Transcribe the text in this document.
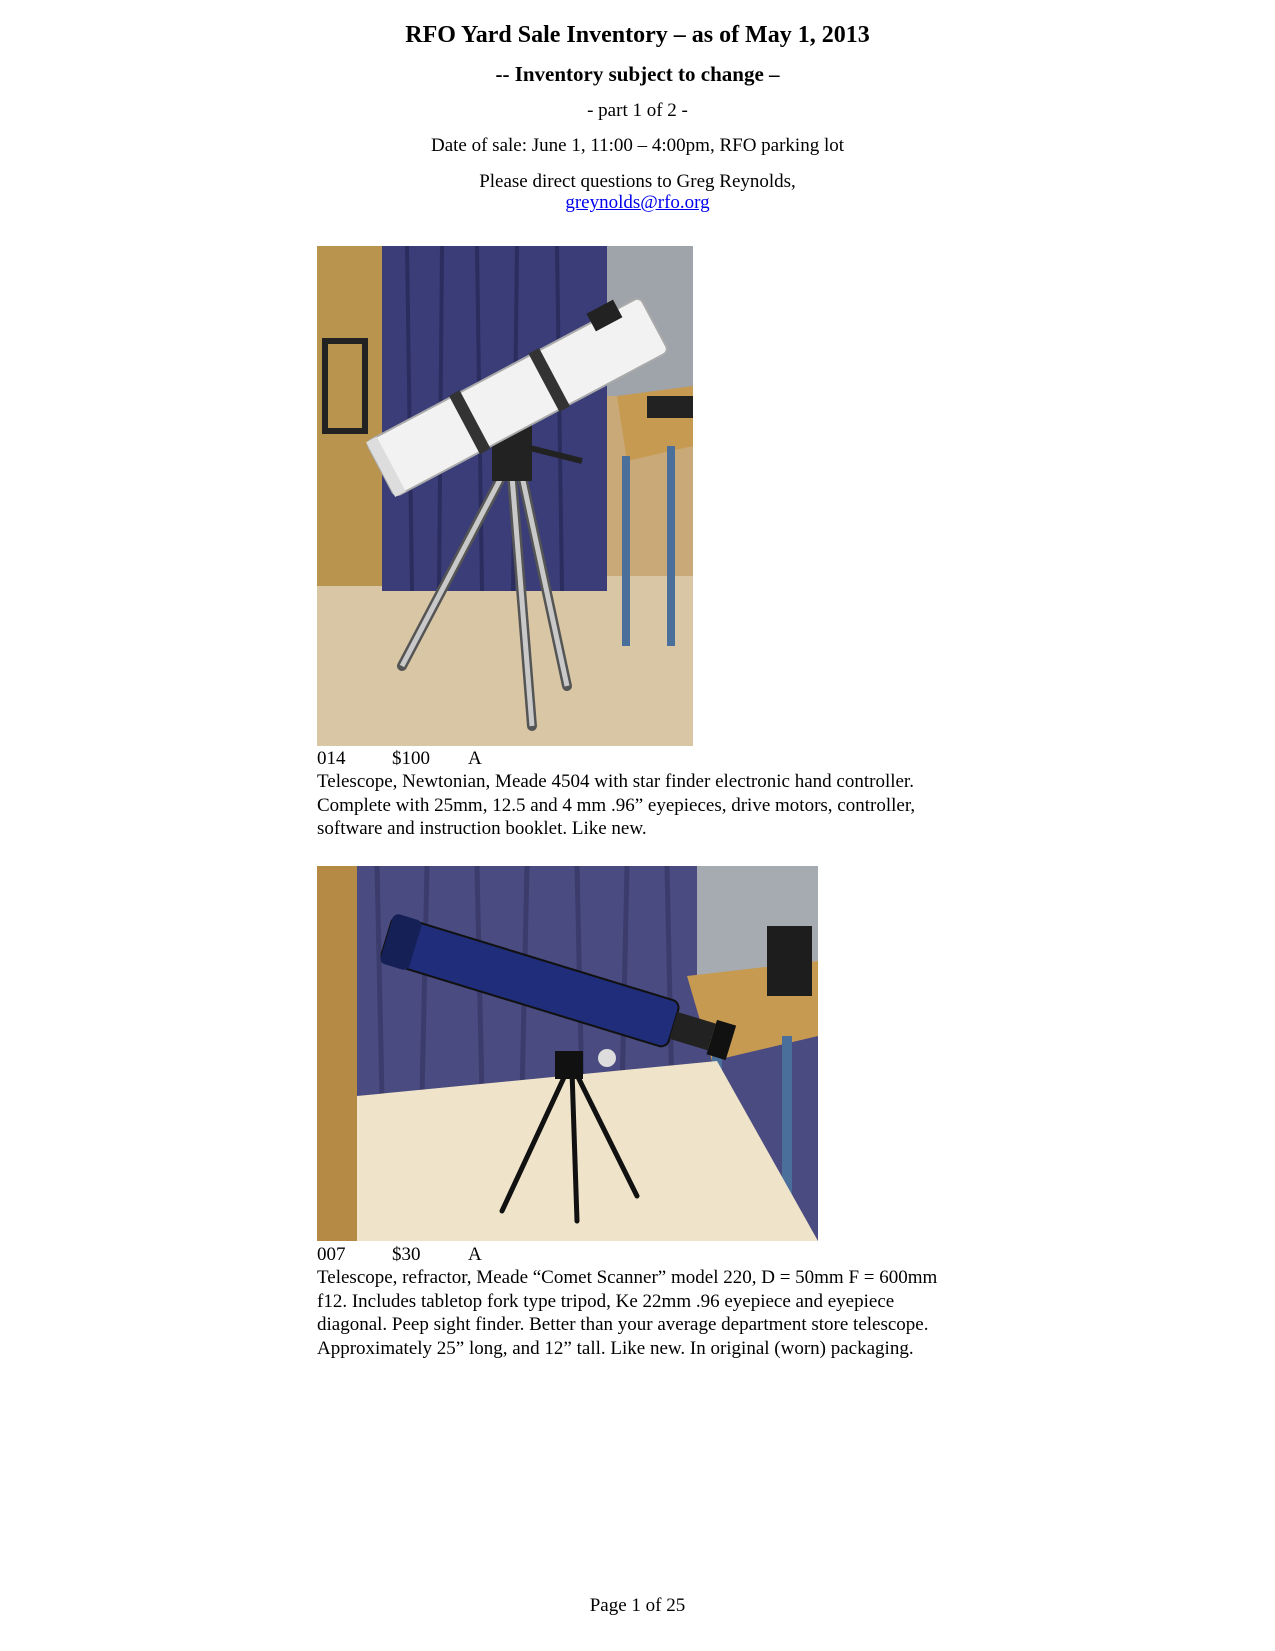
RFO Yard Sale Inventory – as of May 1, 2013
-- Inventory subject to change –
- part 1 of 2 -
Date of sale: June 1, 11:00 – 4:00pm, RFO parking lot
Please direct questions to Greg Reynolds,
greynolds@rfo.org
014 $100 A
Telescope, Newtonian, Meade 4504 with star finder electronic hand controller. Complete with 25mm, 12.5 and 4 mm .96” eyepieces, drive motors, controller, software and instruction booklet. Like new.
007 $30	A
Telescope, refractor, Meade “Comet Scanner” model 220, D = 50mm F = 600mm f12. Includes tabletop fork type tripod, Ke 22mm .96 eyepiece and eyepiece diagonal. Peep sight finder. Better than your average department store telescope. Approximately 25” long, and 12” tall. Like new. In original (worn) packaging.
Page 1 of 25
